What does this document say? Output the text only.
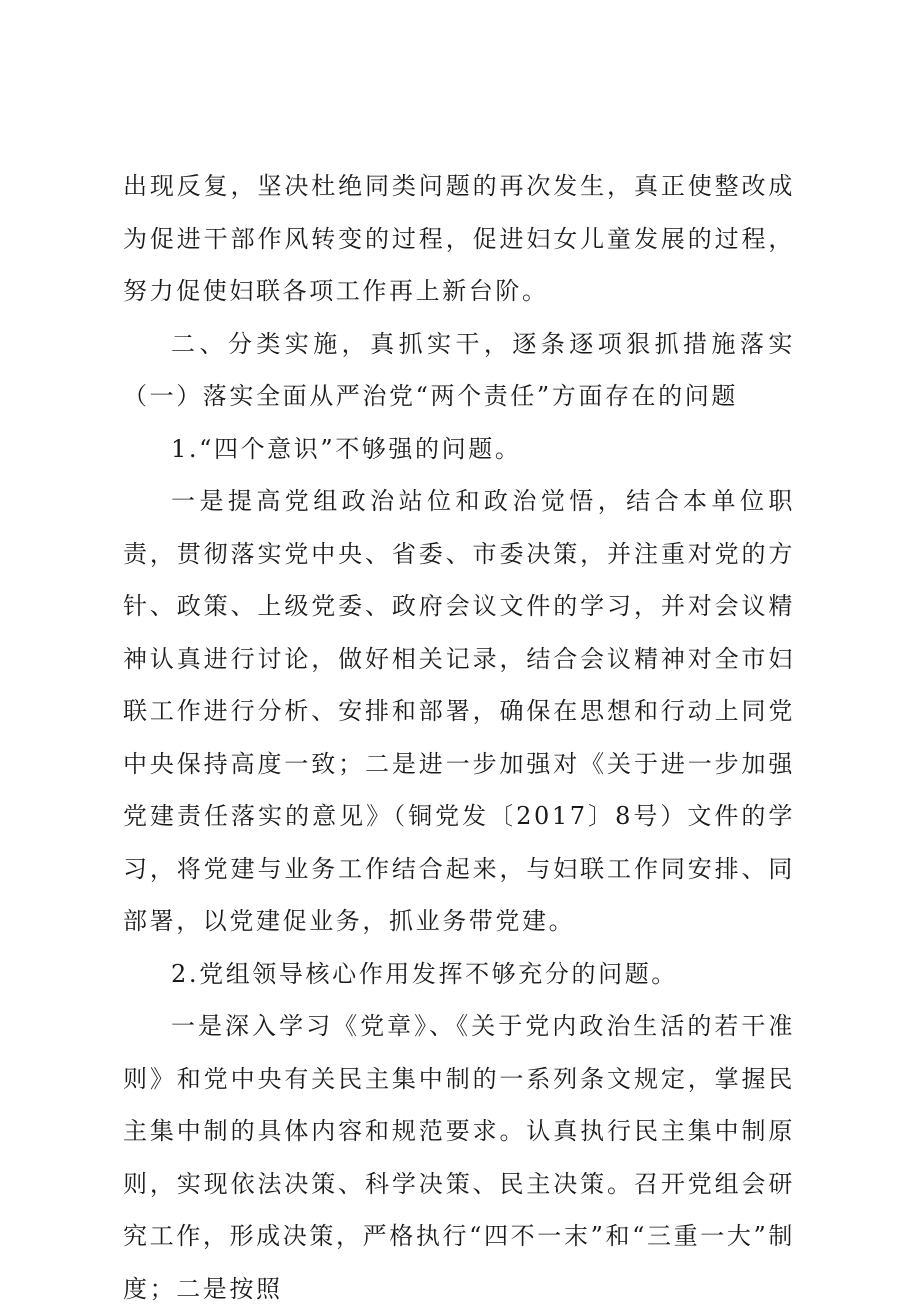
出现反复，坚决杜绝同类问题的再次发生，真正使整改成为促进干部作风转变的过程，促进妇女儿童发展的过程，努力促使妇联各项工作再上新台阶。

二、分类实施，真抓实干，逐条逐项狠抓措施落实（一）落实全面从严治党“两个责任”方面存在的问题

1.“四个意识”不够强的问题。

一是提高党组政治站位和政治觉悟，结合本单位职责，贯彻落实党中央、省委、市委决策，并注重对党的方针、政策、上级党委、政府会议文件的学习，并对会议精神认真进行讨论，做好相关记录，结合会议精神对全市妇联工作进行分析、安排和部署，确保在思想和行动上同党中央保持高度一致；二是进一步加强对《关于进一步加强党建责任落实的意见》（铜党发〔2017〕8号）文件的学习，将党建与业务工作结合起来，与妇联工作同安排、同部署，以党建促业务，抓业务带党建。

2.党组领导核心作用发挥不够充分的问题。

一是深入学习《党章》、《关于党内政治生活的若干准则》和党中央有关民主集中制的一系列条文规定，掌握民主集中制的具体内容和规范要求。认真执行民主集中制原则，实现依法决策、科学决策、民主决策。召开党组会研究工作，形成决策，严格执行“四不一末”和“三重一大”制度；二是按照
